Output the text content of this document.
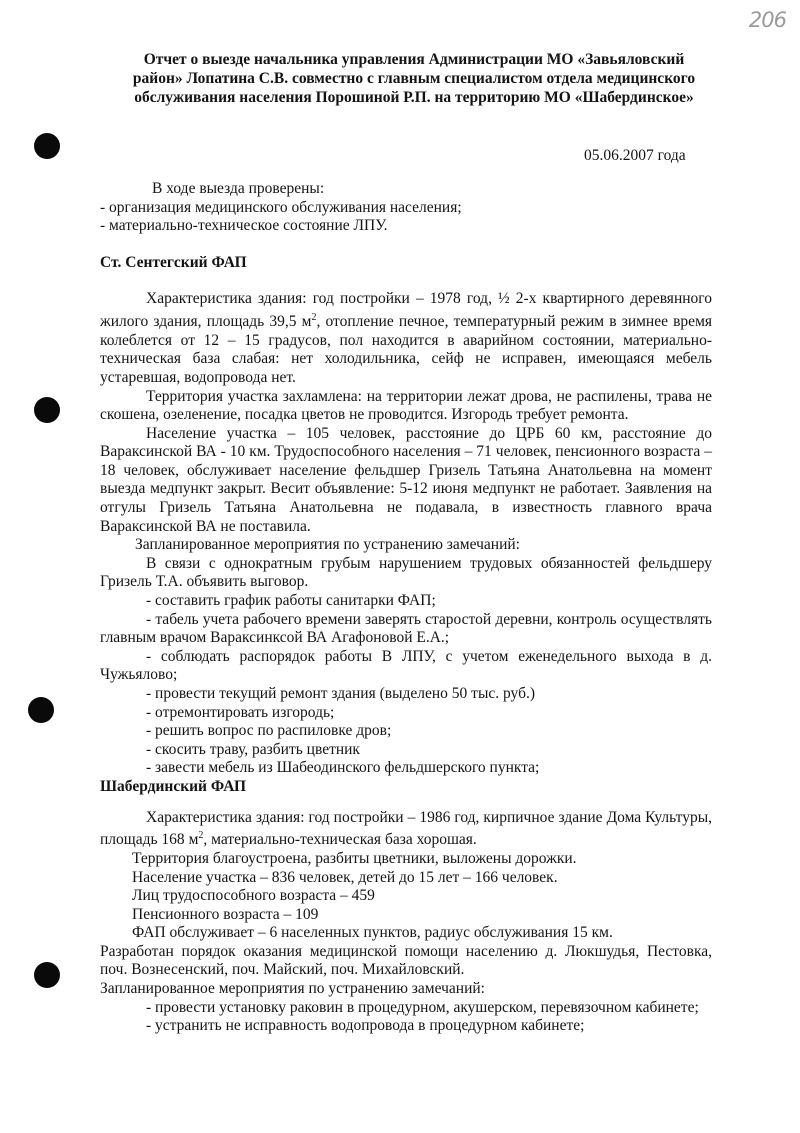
206
Отчет о выезде начальника управления Администрации МО «Завьяловский
район» Лопатина С.В. совместно с главным специалистом отдела медицинского
обслуживания населения Порошиной Р.П. на территорию МО «Шабердинское»
05.06.2007 года

В ходе выезда проверены:

- организация медицинского обслуживания населения;

- материально-техническое состояние ЛПУ.

Ст. Сентегский ФАП

Характеристика здания: год постройки – 1978 год, ½ 2-х квартирного деревянного жилого здания, площадь 39,5 $м^2$, отопление печное, температурный режим в зимнее время колеблется от 12 – 15 градусов, пол находится в аварийном состоянии, материально-техническая база слабая: нет холодильника, сейф не исправен, имеющаяся мебель устаревшая, водопровода нет.

Территория участка захламлена: на территории лежат дрова, не распилены, трава не скошена, озеленение, посадка цветов не проводится. Изгородь требует ремонта.

Население участка – 105 человек, расстояние до ЦРБ 60 км, расстояние до Вараксинской ВА - 10 км. Трудоспособного населения – 71 человек, пенсионного возраста – 18 человек, обслуживает население фельдшер Гризель Татьяна Анатольевна на момент выезда медпункт закрыт. Весит объявление: 5-12 июня медпункт не работает. Заявления на отгулы Гризель Татьяна Анатольевна не подавала, в известность главного врача Вараксинской ВА не поставила.

Запланированное мероприятия по устранению замечаний:

В связи с однократным грубым нарушением трудовых обязанностей фельдшеру Гризель Т.А. объявить выговор.

- составить график работы санитарки ФАП;

- табель учета рабочего времени заверять старостой деревни, контроль осуществлять главным врачом Вараксинксой ВА Агафоновой Е.А.;

- соблюдать распорядок работы В ЛПУ, с учетом еженедельного выхода в д. Чужьялово;

- провести текущий ремонт здания (выделено 50 тыс. руб.)

- отремонтировать изгородь;

- решить вопрос по распиловке дров;

- скосить траву, разбить цветник

- завести мебель из Шабеодинского фельдшерского пункта;

Шабердинский ФАП

Характеристика здания: год постройки – 1986 год, кирпичное здание Дома Культуры, площадь 168 $м^2$, материально-техническая база хорошая.

Территория благоустроена, разбиты цветники, выложены дорожки.

Население участка – 836 человек, детей до 15 лет – 166 человек.

Лиц трудоспособного возраста – 459

Пенсионного возраста – 109

ФАП обслуживает – 6 населенных пунктов, радиус обслуживания 15 км.

Разработан порядок оказания медицинской помощи населению д. Люкшудья, Пестовка, поч. Вознесенский, поч. Майский, поч. Михайловский.

Запланированное мероприятия по устранению замечаний:

- провести установку раковин в процедурном, акушерском, перевязочном кабинете;

- устранить не исправность водопровода в процедурном кабинете;
